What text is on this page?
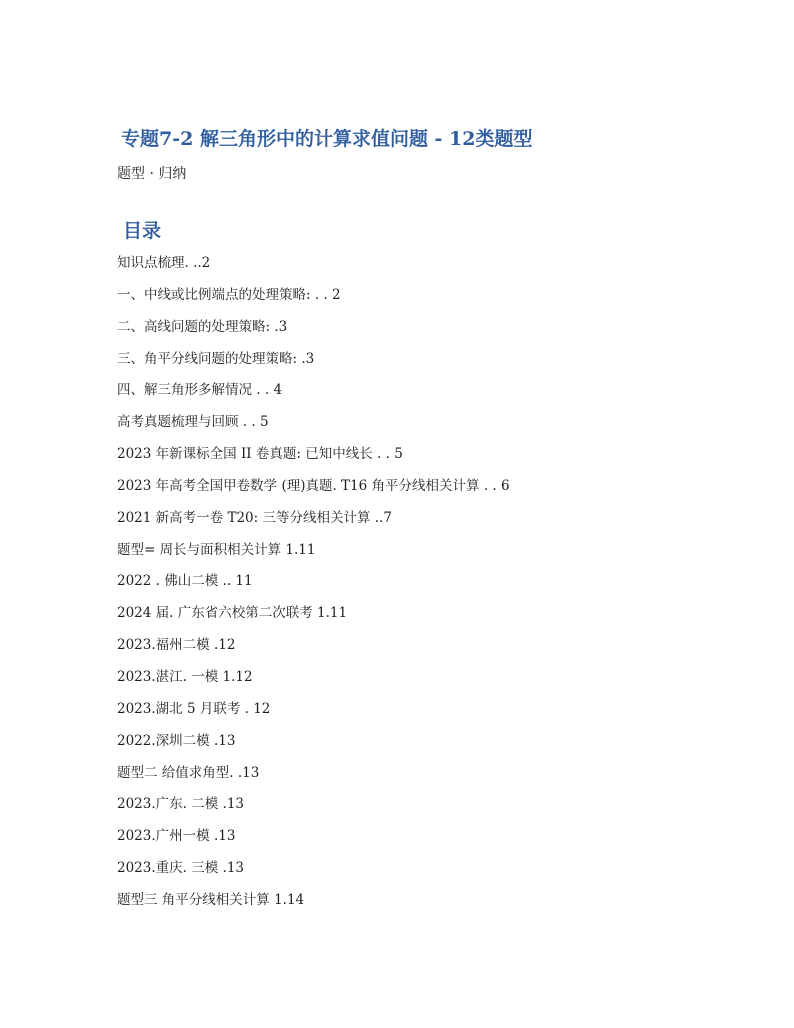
专题7-2 解三角形中的计算求值问题 - 12类题型
题型 · 归纳
目录
知识点梳理. ..2
一、中线或比例端点的处理策略: . . 2
二、高线问题的处理策略: .3
三、角平分线问题的处理策略: .3
四、解三角形多解情况 . . 4
高考真题梳理与回顾 . . 5
2023 年新课标全国 II 卷真题: 已知中线长 . . 5
2023 年高考全国甲卷数学 (理)真题. T16 角平分线相关计算 . . 6
2021 新高考一卷 T20: 三等分线相关计算 ..7
题型= 周长与面积相关计算 1.11
2022 . 佛山二模 .. 11
2024 届. 广东省六校第二次联考 1.11
2023.福州二模 .12
2023.湛江. 一模 1.12
2023.湖北 5 月联考 . 12
2022.深圳二模 .13
题型二 给值求角型. .13
2023.广东. 二模 .13
2023.广州一模 .13
2023.重庆. 三模 .13
题型三 角平分线相关计算 1.14
